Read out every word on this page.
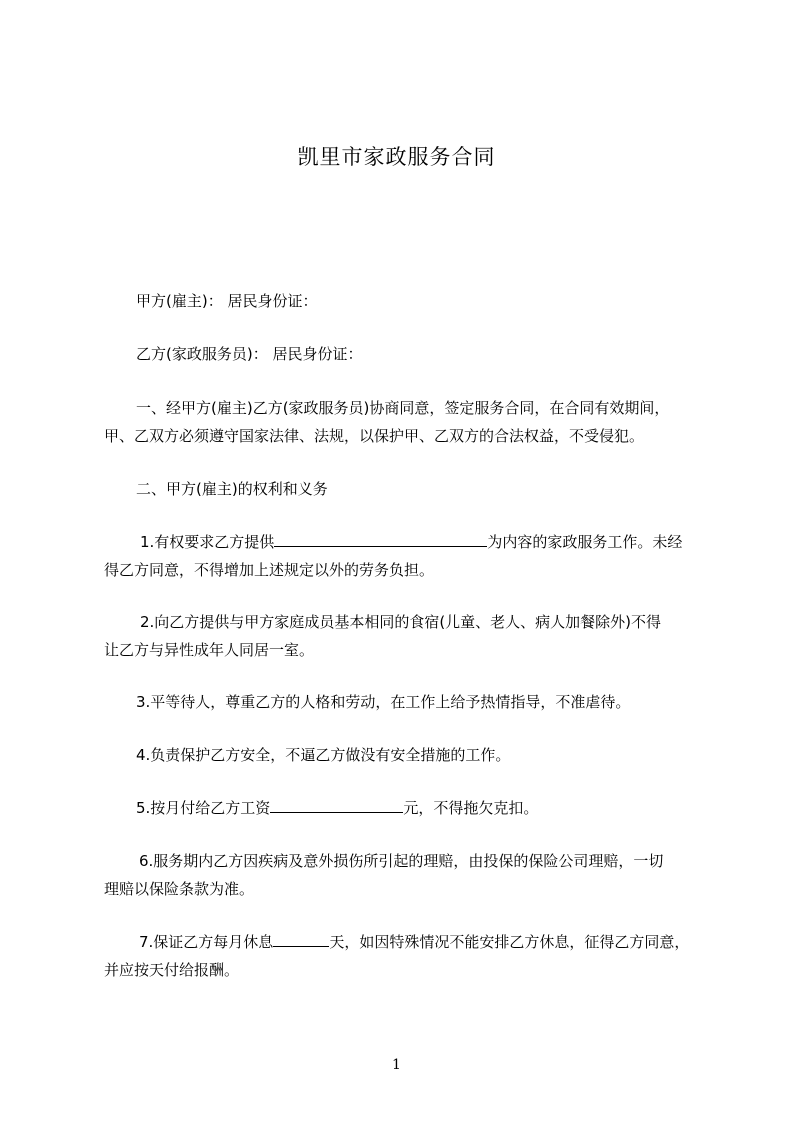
凯里市家政服务合同
甲方(雇主)： 居民身份证：
乙方(家政服务员)： 居民身份证：
一、经甲方(雇主)乙方(家政服务员)协商同意，签定服务合同，在合同有效期间，
甲、乙双方必须遵守国家法律、法规，以保护甲、乙双方的合法权益，不受侵犯。
二、甲方(雇主)的权利和义务
1.有权要求乙方提供	为内容的家政服务工作。未经
得乙方同意，不得增加上述规定以外的劳务负担。
2.向乙方提供与甲方家庭成员基本相同的食宿(儿童、老人、病人加餐除外)不得
让乙方与异性成年人同居一室。
3.平等待人，尊重乙方的人格和劳动，在工作上给予热情指导，不准虐待。
4.负责保护乙方安全，不逼乙方做没有安全措施的工作。
5.按月付给乙方工资	元，不得拖欠克扣。
6.服务期内乙方因疾病及意外损伤所引起的理赔，由投保的保险公司理赔，一切
理赔以保险条款为准。
7.保证乙方每月休息	天，如因特殊情况不能安排乙方休息，征得乙方同意，
并应按天付给报酬。
1
